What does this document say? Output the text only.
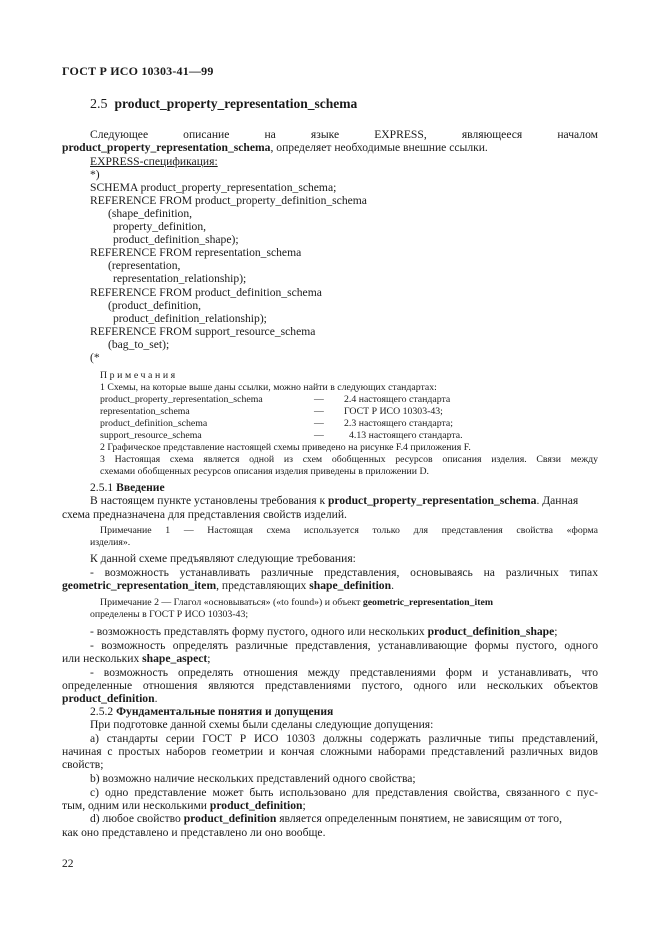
ГОСТ Р ИСО 10303-41—99
2.5 product_property_representation_schema
Следующее описание на языке EXPRESS, являющееся началом
product_property_representation_schema, определяет необходимые внешние ссылки.
EXPRESS-спецификация:
*)
SCHEMA product_property_representation_schema;
REFERENCE FROM product_property_definition_schema
(shape_definition,
property_definition,
product_definition_shape);
REFERENCE FROM representation_schema
(representation,
representation_relationship);
REFERENCE FROM product_definition_schema
(product_definition,
product_definition_relationship);
REFERENCE FROM support_resource_schema
(bag_to_set);
(*
Примечания
1 Схемы, на которые выше даны ссылки, можно найти в следующих стандартах:
product_property_representation_schema	— 2.4 настоящего стандарта
representation_schema	— ГОСТ Р ИСО 10303-43;
product_definition_schema	— 2.3 настоящего стандарта;
support_resource_schema	—	4.13 настоящего стандарта.
2 Графическое представление настоящей схемы приведено на рисунке F.4 приложения F.
3 Настоящая схема является одной из схем обобщенных ресурсов описания изделия. Связи между
схемами обобщенных ресурсов описания изделия приведены в приложении D.
2.5.1 Введение
В настоящем пункте установлены требования к product_property_representation_schema. Данная
схема предназначена для представления свойств изделий.
Примечание 1 — Настоящая схема используется только для представления свойства «форма
изделия».
К данной схеме предъявляют следующие требования:
- возможность устанавливать различные представления, основываясь на различных типах
geometric_representation_item, представляющих shape_definition.
Примечание 2 — Глагол «основываться» («to found») и объект geometric_representation_item
определены в ГОСТ Р ИСО 10303-43;
- возможность представлять форму пустого, одного или нескольких product_definition_shape;
- возможность определять различные представления, устанавливающие формы пустого, одного
или нескольких shape_aspect;
- возможность определять отношения между представлениями форм и устанавливать, что
определенные отношения являются представлениями пустого, одного или нескольких объектов
product_definition.
2.5.2 Фундаментальные понятия и допущения
При подготовке данной схемы были сделаны следующие допущения:
а) стандарты серии ГОСТ Р ИСО 10303 должны содержать различные типы представлений,
начиная с простых наборов геометрии и кончая сложными наборами представлений различных видов
свойств;
b) возможно наличие нескольких представлений одного свойства;
с) одно представление может быть использовано для представления свойства, связанного с пус-
тым, одним или несколькими product_definition;
d) любое свойство product_definition является определенным понятием, не зависящим от того,
как оно представлено и представлено ли оно вообще.
22
